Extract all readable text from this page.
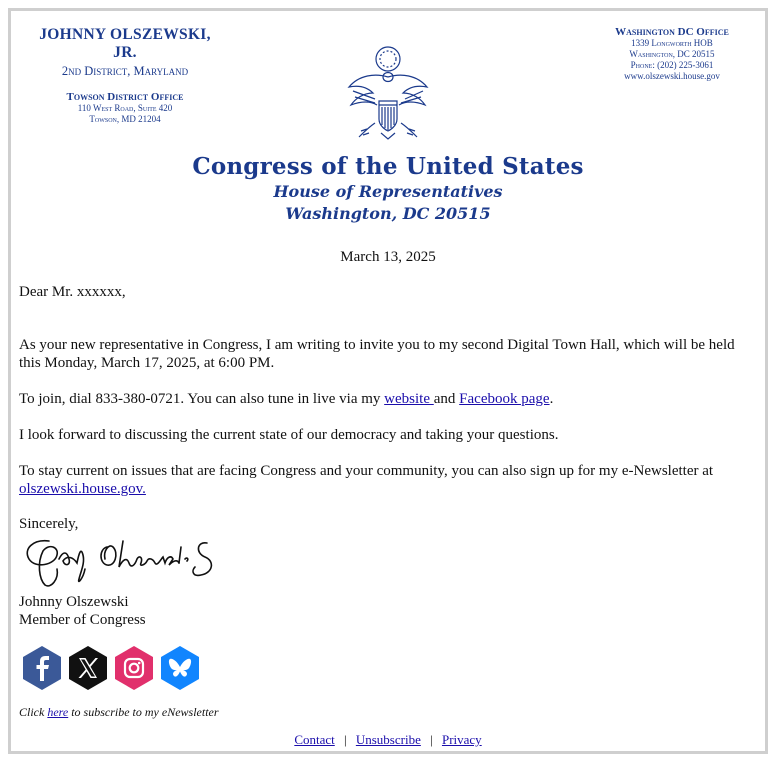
JOHNNY OLSZEWSKI, JR.
2nd District, Maryland
Towson District Office
110 West Road, Suite 420
Towson, MD 21204
Washington DC Office
1339 Longworth HOB
Washington, DC 20515
Phone: (202) 225-3061
www.olszewski.house.gov
Congress of the United States
House of Representatives
Washington, DC 20515
March 13, 2025

Dear Mr. xxxxxx,

As your new representative in Congress, I am writing to invite you to my second Digital Town Hall, which will be held this Monday, March 17, 2025, at 6:00 PM.

To join, dial 833-380-0721. You can also tune in live via my website and Facebook page.

I look forward to discussing the current state of our democracy and taking your questions.

To stay current on issues that are facing Congress and your community, you can also sign up for my e-Newsletter at olszewski.house.gov.

Sincerely,

Johnny Olszewski
Member of Congress
Click here to subscribe to my eNewsletter
Contact | Unsubscribe | Privacy
